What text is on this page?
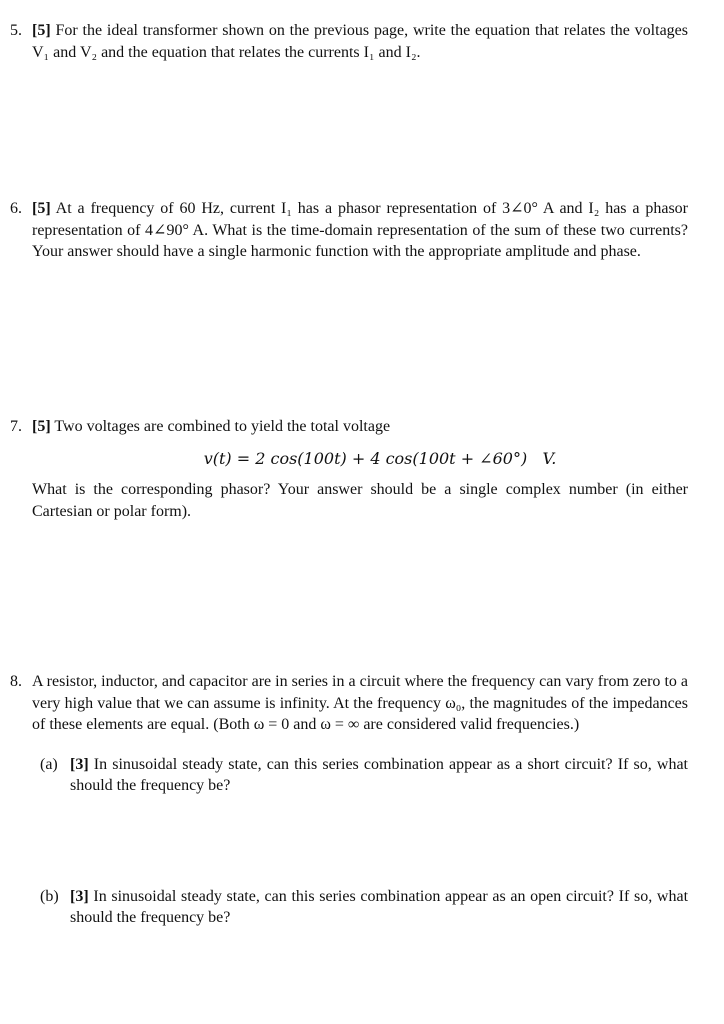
5. [5] For the ideal transformer shown on the previous page, write the equation that relates the voltages V₁ and V₂ and the equation that relates the currents I₁ and I₂.
6. [5] At a frequency of 60 Hz, current I₁ has a phasor representation of 3∠0° A and I₂ has a phasor representation of 4∠90° A. What is the time-domain representation of the sum of these two currents? Your answer should have a single harmonic function with the appropriate amplitude and phase.
7. [5] Two voltages are combined to yield the total voltage
v(t) = 2 cos(100t) + 4 cos(100t + ∠60°)   V.
What is the corresponding phasor? Your answer should be a single complex number (in either Cartesian or polar form).
8. A resistor, inductor, and capacitor are in series in a circuit where the frequency can vary from zero to a very high value that we can assume is infinity. At the frequency ω₀, the magnitudes of the impedances of these elements are equal. (Both ω = 0 and ω = ∞ are considered valid frequencies.)
(a) [3] In sinusoidal steady state, can this series combination appear as a short circuit? If so, what should the frequency be?
(b) [3] In sinusoidal steady state, can this series combination appear as an open circuit? If so, what should the frequency be?
